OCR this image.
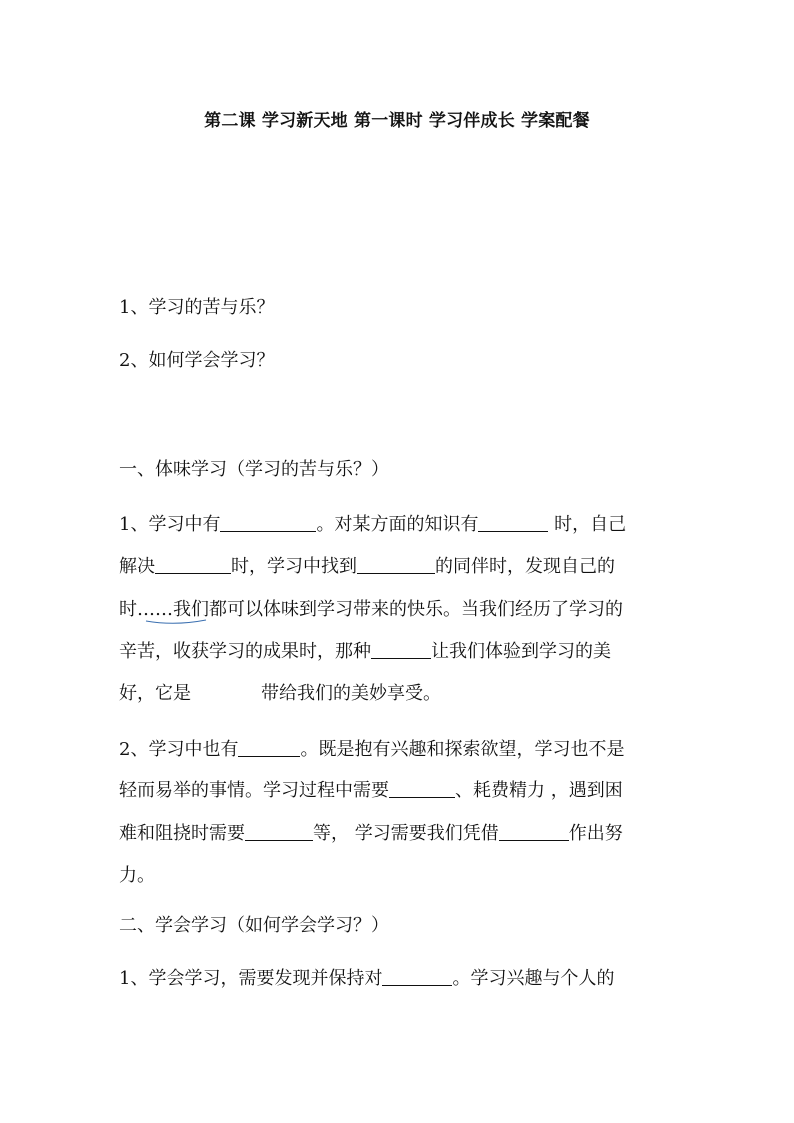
第二课 学习新天地 第一课时 学习伴成长 学案配餐
1、学习的苦与乐？
2、如何学会学习？
一、体味学习（学习的苦与乐？）
1、学习中有	。对某方面的知识有	时，自己
解决	时，学习中找到	的同伴时，发现自己的
时……我们都可以体味到学习带来的快乐。当我们经历了学习的
辛苦，收获学习的成果时，那种	让我们体验到学习的美
好，它是	带给我们的美妙享受。
2、学习中也有	。既是抱有兴趣和探索欲望，学习也不是
轻而易举的事情。学习过程中需要	、耗费精力 ，遇到困
难和阻挠时需要	等， 学习需要我们凭借	作出努
力。
二、学会学习（如何学会学习？）
1、学会学习，需要发现并保持对	。学习兴趣与个人的
